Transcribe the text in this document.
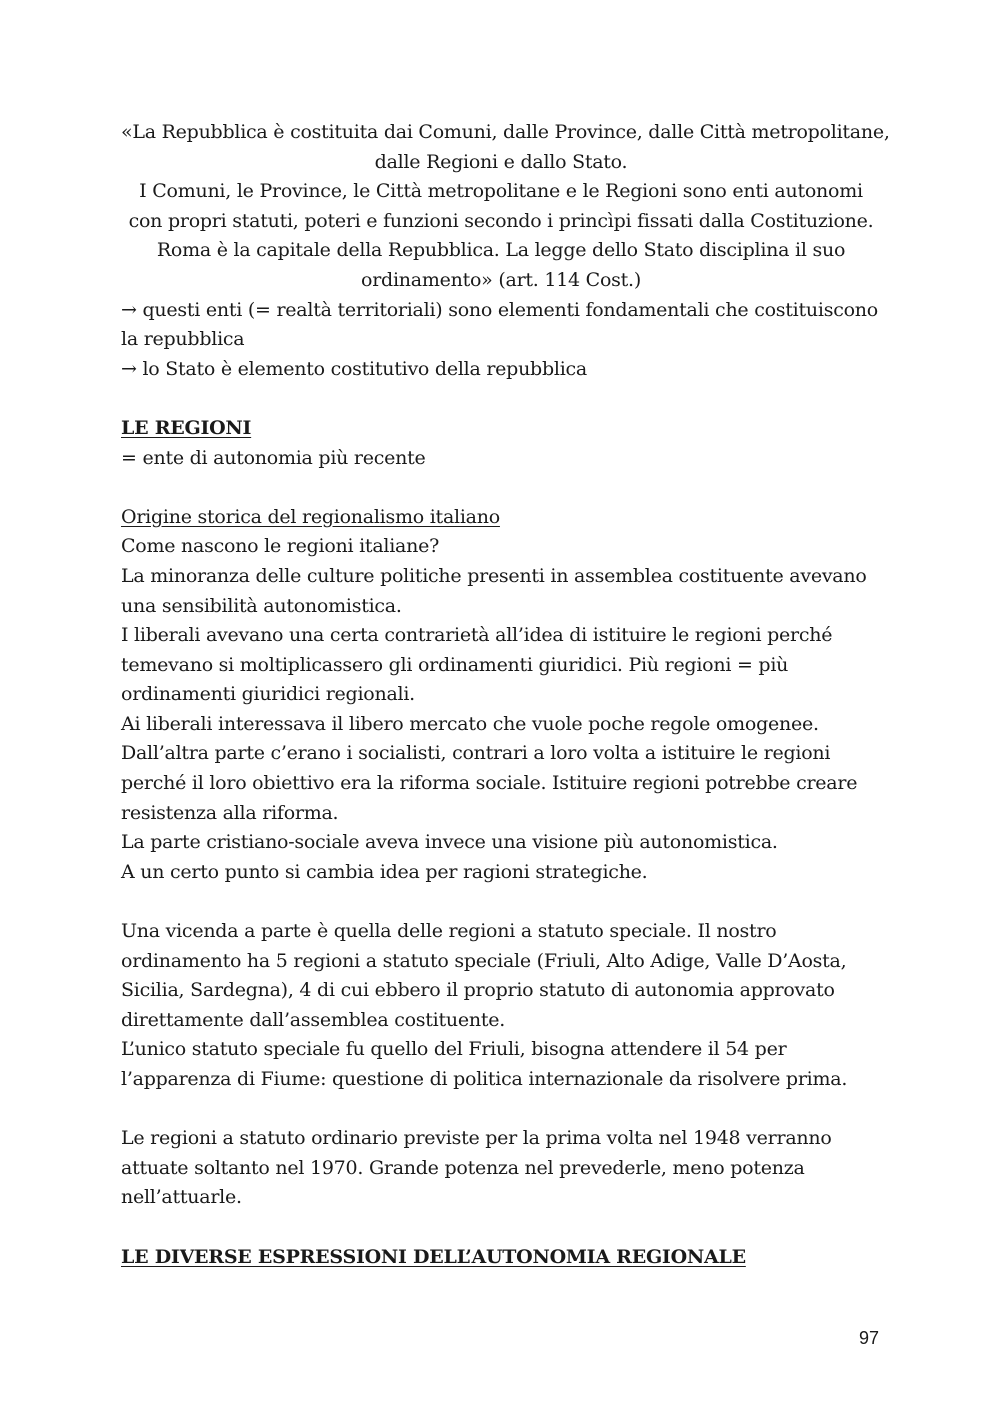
«La Repubblica è costituita dai Comuni, dalle Province, dalle Città metropolitane,
dalle Regioni e dallo Stato.
I Comuni, le Province, le Città metropolitane e le Regioni sono enti autonomi
con propri statuti, poteri e funzioni secondo i princìpi fissati dalla Costituzione.
Roma è la capitale della Repubblica. La legge dello Stato disciplina il suo
ordinamento» (art. 114 Cost.)
→ questi enti (= realtà territoriali) sono elementi fondamentali che costituiscono
la repubblica
→ lo Stato è elemento costitutivo della repubblica
LE REGIONI
= ente di autonomia più recente
Origine storica del regionalismo italiano
Come nascono le regioni italiane?
La minoranza delle culture politiche presenti in assemblea costituente avevano
una sensibilità autonomistica.
I liberali avevano una certa contrarietà all’idea di istituire le regioni perché
temevano si moltiplicassero gli ordinamenti giuridici. Più regioni = più
ordinamenti giuridici regionali.
Ai liberali interessava il libero mercato che vuole poche regole omogenee.
Dall’altra parte c’erano i socialisti, contrari a loro volta a istituire le regioni
perché il loro obiettivo era la riforma sociale. Istituire regioni potrebbe creare
resistenza alla riforma.
La parte cristiano-sociale aveva invece una visione più autonomistica.
A un certo punto si cambia idea per ragioni strategiche.
Una vicenda a parte è quella delle regioni a statuto speciale. Il nostro
ordinamento ha 5 regioni a statuto speciale (Friuli, Alto Adige, Valle D’Aosta,
Sicilia, Sardegna), 4 di cui ebbero il proprio statuto di autonomia approvato
direttamente dall’assemblea costituente.
L’unico statuto speciale fu quello del Friuli, bisogna attendere il 54 per
l’apparenza di Fiume: questione di politica internazionale da risolvere prima.
Le regioni a statuto ordinario previste per la prima volta nel 1948 verranno
attuate soltanto nel 1970. Grande potenza nel prevederle, meno potenza
nell’attuarle.
LE DIVERSE ESPRESSIONI DELL’AUTONOMIA REGIONALE
97
